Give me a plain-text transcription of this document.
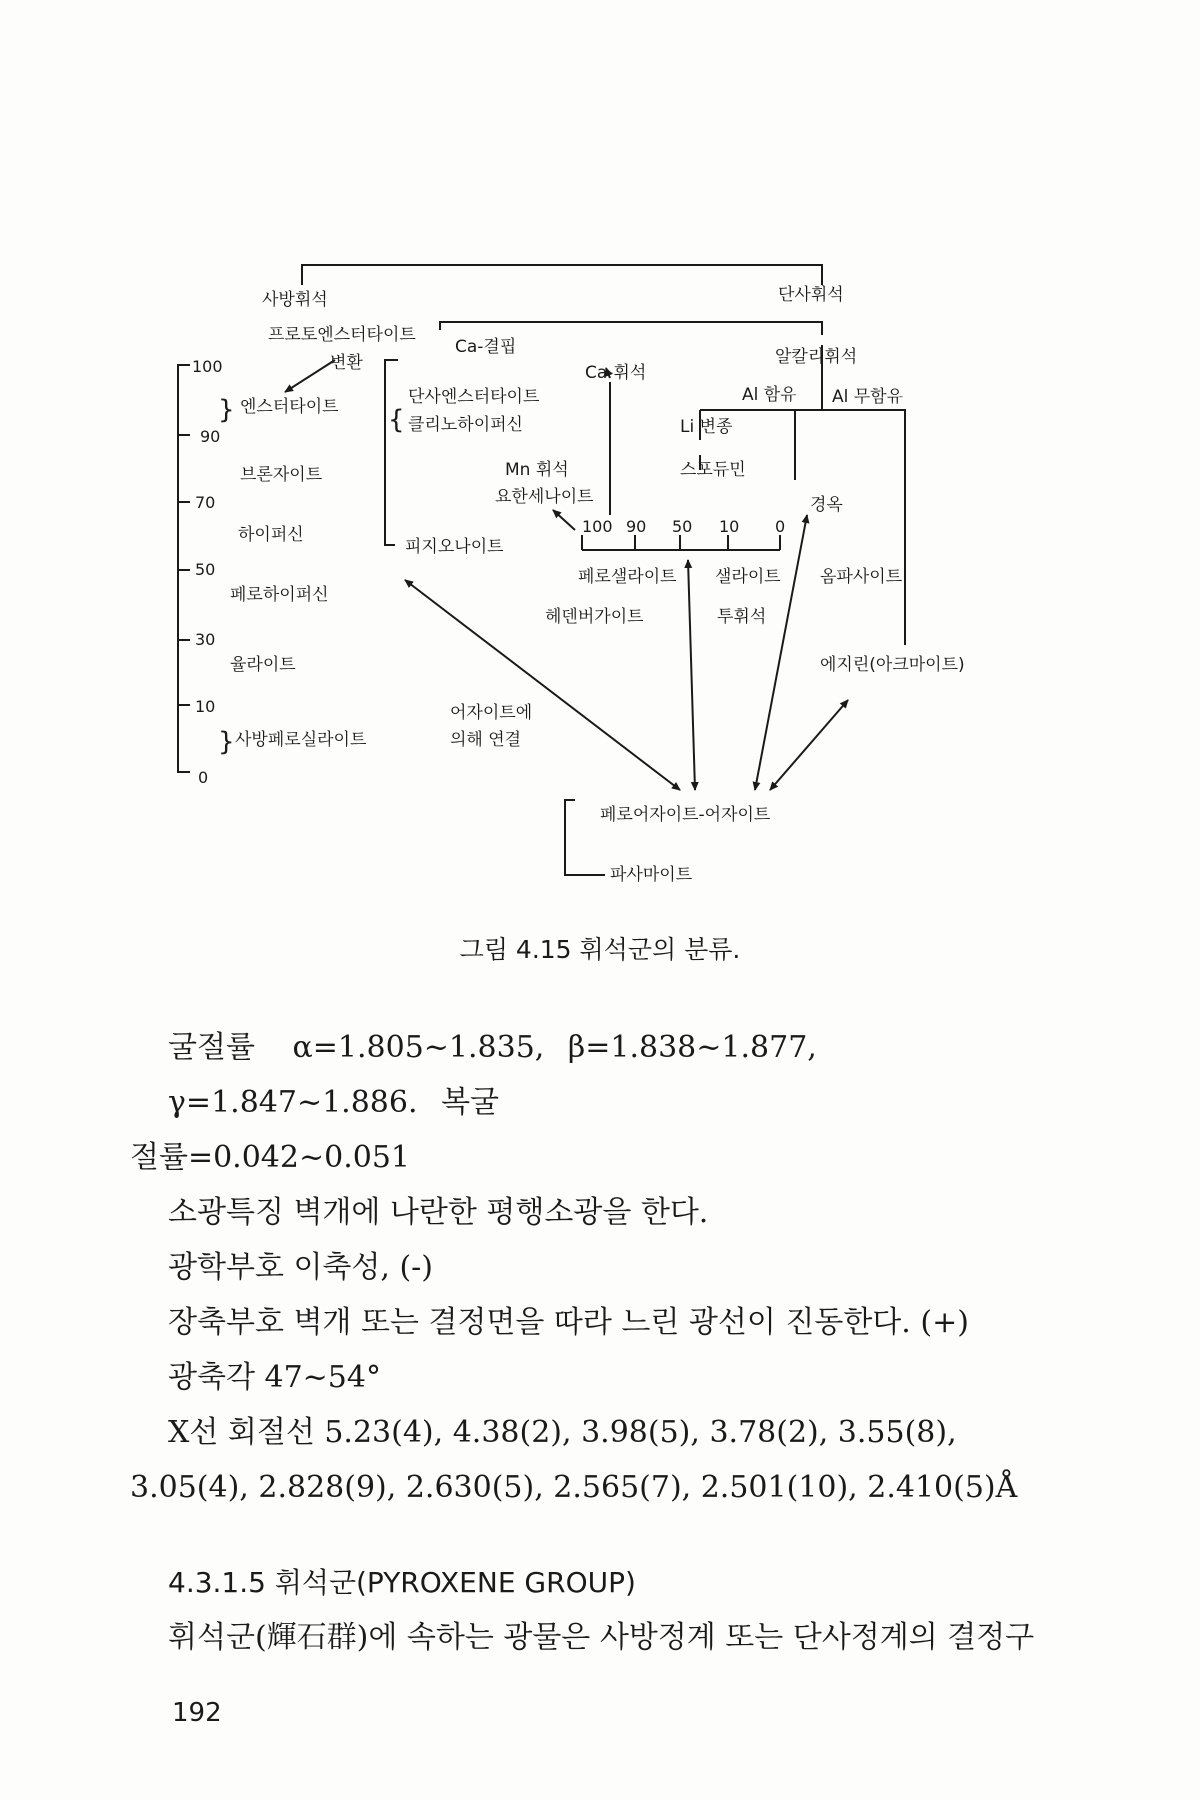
사방휘석	단사휘석
프로토엔스터타이트
Ca-결핍
변환	알칼리휘석
Ca-휘석
Al 함유 Al 무함유
엔스터타이트	단사엔스터타이트
클리노하이퍼신	Li 변종
스포듀민
브론자이트	Mn 휘석
요한세나이트	경옥
하이퍼신
피지오나이트
페로하이퍼신
페로샐라이트 샐라이트 옴파사이트
헤덴버가이트	투휘석
율라이트	에지린(아크마이트)
사방페로실라이트
어자이트에
의해 연결
페로어자이트-어자이트
파사마이트
100
90
70
50
30
10
0
100 90 50 10 0
}	{
}
그림 4.15 휘석군의 분류.

굴절률 α=1.805~1.835, β=1.838~1.877, γ=1.847~1.886. 복굴

절률=0.042~0.051

소광특징 벽개에 나란한 평행소광을 한다.

광학부호 이축성, (-)

장축부호 벽개 또는 결정면을 따라 느린 광선이 진동한다. (+)

광축각 47~54°

X선 회절선 5.23(4), 4.38(2), 3.98(5), 3.78(2), 3.55(8),

3.05(4), 2.828(9), 2.630(5), 2.565(7), 2.501(10), 2.410(5)Å

4.3.1.5 휘석군(PYROXENE GROUP)

휘석군(輝石群)에 속하는 광물은 사방정계 또는 단사정계의 결정구

192
